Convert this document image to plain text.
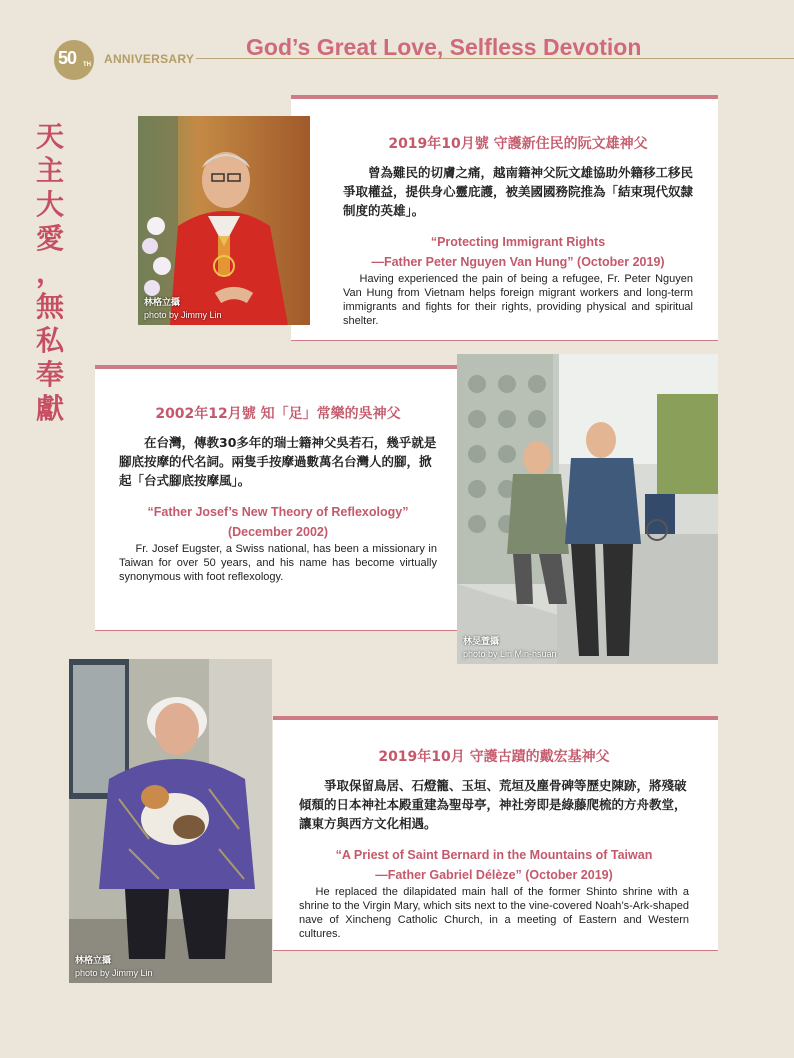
50 TH ANNIVERSARY God’s Great Love, Selfless Devotion
天
主
大
愛
，
無
私
奉
獻
2019年10月號 守護新住民的阮文雄神父

曾為難民的切膚之痛，越南籍神父阮文雄協助外籍移工移民爭取權益，提供身心靈庇護，被美國國務院推為「結束現代奴隸制度的英雄」。

“Protecting Immigrant Rights

—Father Peter Nguyen Van Hung” (October 2019)

Having experienced the pain of being a refugee, Fr. Peter Nguyen Van Hung from Vietnam helps foreign migrant workers and long-term immigrants and fights for their rights, providing physical and spiritual shelter.

林格立攝
photo by Jimmy Lin
2002年12月號 知「足」常樂的吳神父

在台灣，傳教30多年的瑞士籍神父吳若石，幾乎就是腳底按摩的代名詞。兩隻手按摩過數萬名台灣人的腳，掀起「台式腳底按摩風」。

“Father Josef’s New Theory of Reflexology”

(December 2002)

Fr. Josef Eugster, a Swiss national, has been a missionary in Taiwan for over 50 years, and his name has become virtually synonymous with foot reflexology.

林旻萱攝
photo by Lin Min-hsuan
2019年10月 守護古蹟的戴宏基神父

爭取保留鳥居、石燈籠、玉垣、荒垣及塵骨碑等歷史陳跡，將殘破傾頹的日本神社本殿重建為聖母亭，神社旁即是綠藤爬梳的方舟教堂，讓東方與西方文化相遇。

“A Priest of Saint Bernard in the Mountains of Taiwan

—Father Gabriel Délèze” (October 2019)

He replaced the dilapidated main hall of the former Shinto shrine with a shrine to the Virgin Mary, which sits next to the vine-covered Noah’s-Ark-shaped nave of Xincheng Catholic Church, in a meeting of Eastern and Western cultures.

林格立攝
photo by Jimmy Lin
